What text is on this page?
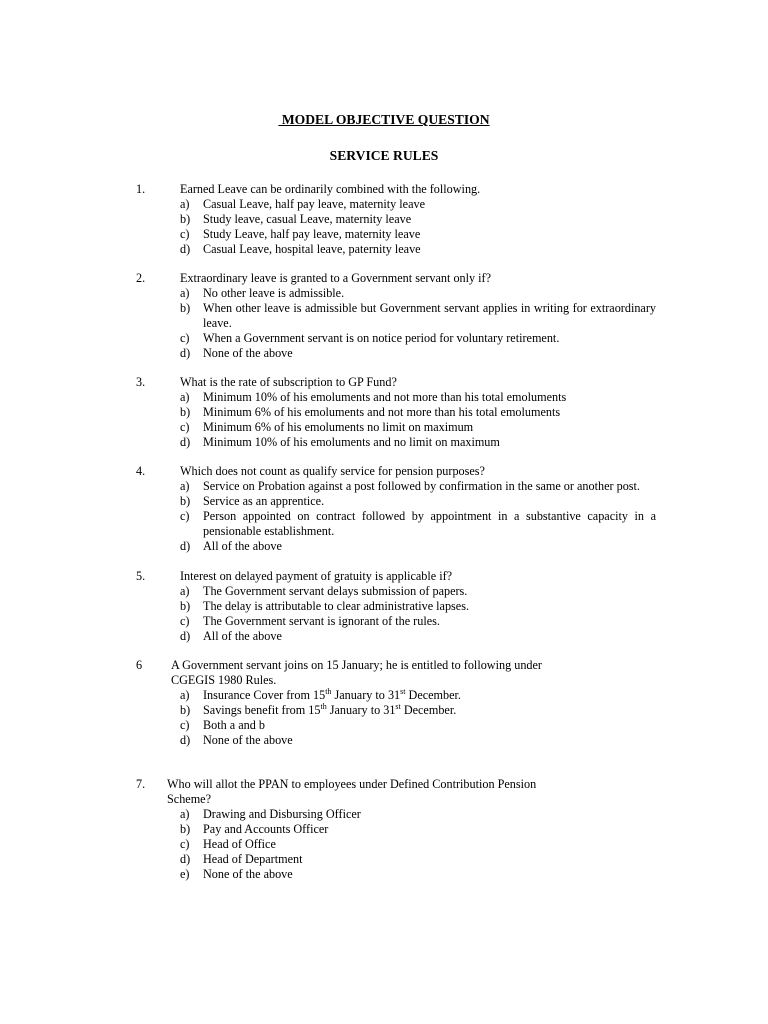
MODEL OBJECTIVE QUESTION
SERVICE RULES
1.	Earned Leave can be ordinarily combined with the following.
a) Casual Leave, half pay leave, maternity leave
b) Study leave, casual Leave, maternity leave
c) Study Leave, half pay leave, maternity leave
d) Casual Leave, hospital leave, paternity leave
2.	Extraordinary leave is granted to a Government servant only if?
a) No other leave is admissible.
b) When other leave is admissible but Government servant applies in writing for extraordinary leave.
c) When a Government servant is on notice period for voluntary retirement.
d) None of the above
3.	What is the rate of subscription to GP Fund?
a) Minimum 10% of his emoluments and not more than his total emoluments
b) Minimum 6% of his emoluments and not more than his total emoluments
c) Minimum 6% of his emoluments no limit on maximum
d) Minimum 10% of his emoluments and no limit on maximum
4.	Which does not count as qualify service for pension purposes?
a) Service on Probation against a post followed by confirmation in the same or another post.
b) Service as an apprentice.
c) Person appointed on contract followed by appointment in a substantive capacity in a pensionable establishment.
d) All of the above
5.	Interest on delayed payment of gratuity is applicable if?
a) The Government servant delays submission of papers.
b) The delay is attributable to clear administrative lapses.
c) The Government servant is ignorant of the rules.
d) All of the above
6 A Government servant joins on 15 January; he is entitled to following under
CGEGIS 1980 Rules.
a) Insurance Cover from 15th January to 31st December.
b) Savings benefit from 15th January to 31st December.
c) Both a and b
d) None of the above
7. Who will allot the PPAN to employees under Defined Contribution Pension
Scheme?
a) Drawing and Disbursing Officer
b) Pay and Accounts Officer
c) Head of Office
d) Head of Department
e) None of the above
